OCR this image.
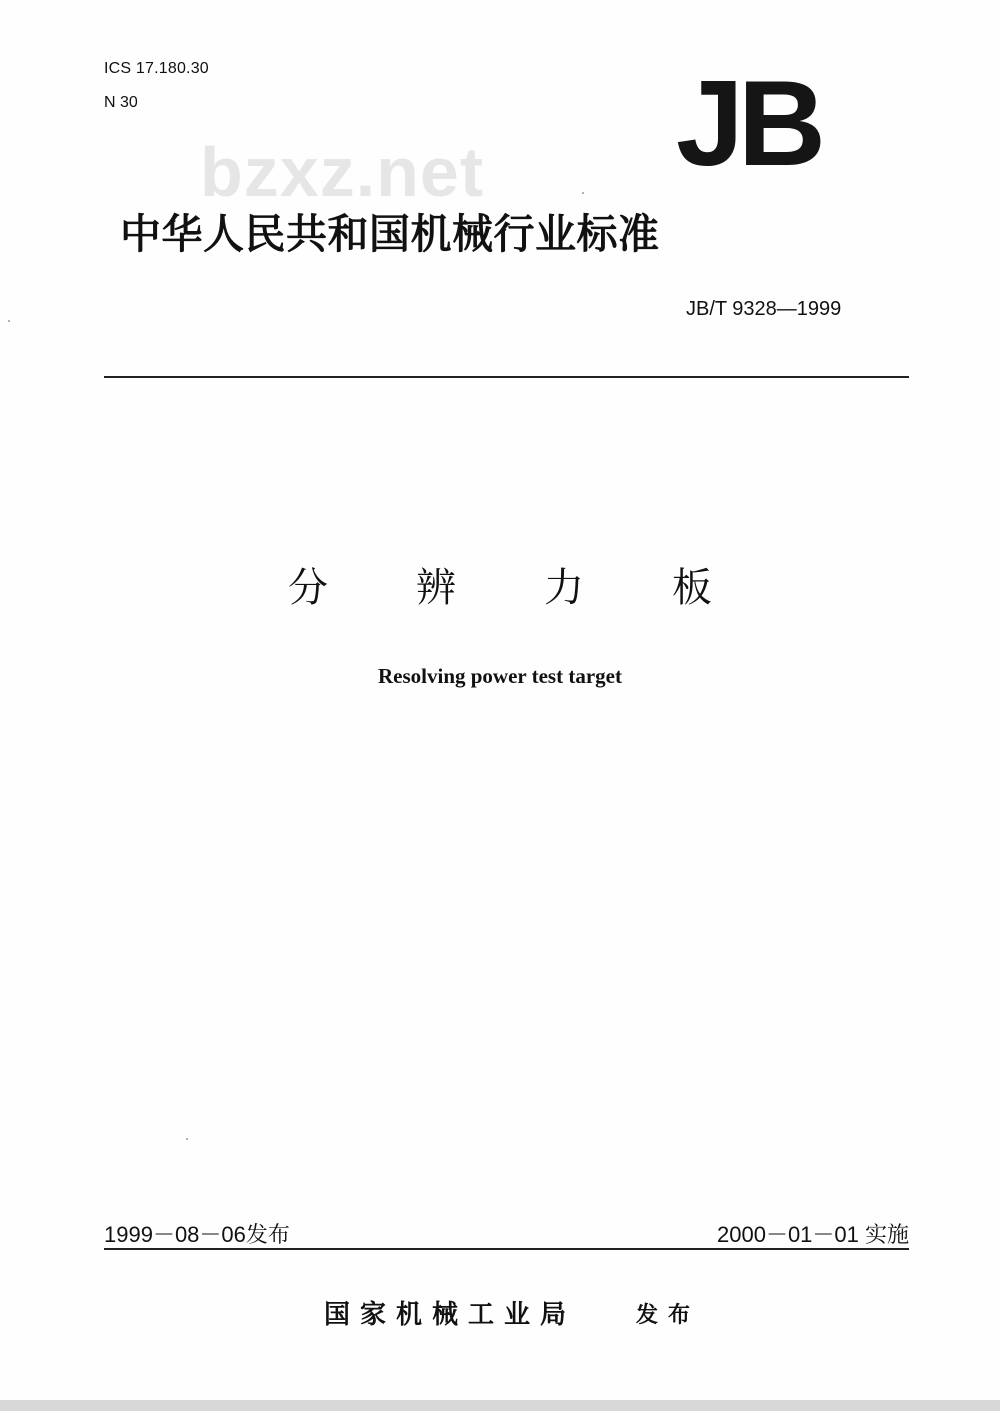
ICS 17.180.30
N 30
bzxz.net JB
中华人民共和国机械行业标准
JB/T 9328—1999
分辨力板
Resolving power test target
1999－08－06发布	2000－01－01 实施
国家机械工业局	发布
